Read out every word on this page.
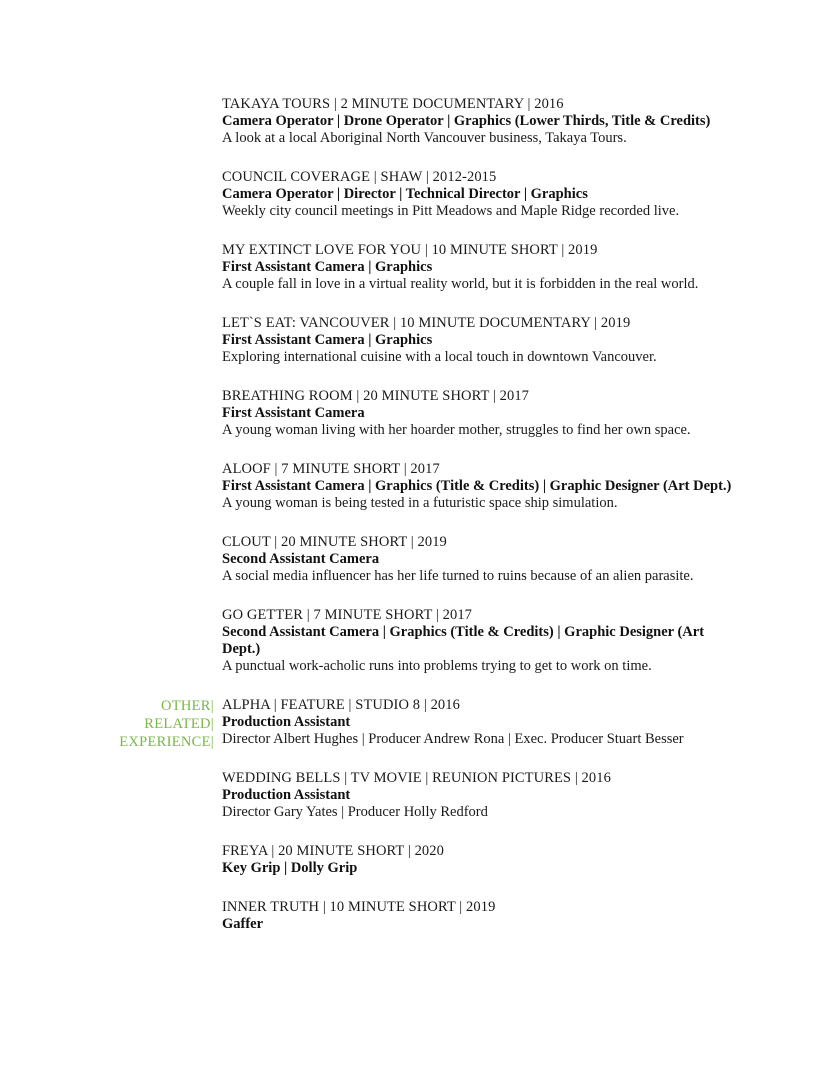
TAKAYA TOURS | 2 MINUTE DOCUMENTARY | 2016
Camera Operator | Drone Operator | Graphics (Lower Thirds, Title & Credits)
A look at a local Aboriginal North Vancouver business, Takaya Tours.
COUNCIL COVERAGE | SHAW | 2012-2015
Camera Operator | Director | Technical Director | Graphics
Weekly city council meetings in Pitt Meadows and Maple Ridge recorded live.
MY EXTINCT LOVE FOR YOU | 10 MINUTE SHORT | 2019
First Assistant Camera | Graphics
A couple fall in love in a virtual reality world, but it is forbidden in the real world.
LET`S EAT: VANCOUVER | 10 MINUTE DOCUMENTARY | 2019
First Assistant Camera | Graphics
Exploring international cuisine with a local touch in downtown Vancouver.
BREATHING ROOM | 20 MINUTE SHORT | 2017
First Assistant Camera
A young woman living with her hoarder mother, struggles to find her own space.
ALOOF | 7 MINUTE SHORT | 2017
First Assistant Camera | Graphics (Title & Credits) | Graphic Designer (Art Dept.)
A young woman is being tested in a futuristic space ship simulation.
CLOUT | 20 MINUTE SHORT | 2019
Second Assistant Camera
A social media influencer has her life turned to ruins because of an alien parasite.
GO GETTER | 7 MINUTE SHORT | 2017
Second Assistant Camera | Graphics (Title & Credits) | Graphic Designer (Art Dept.)
A punctual work-acholic runs into problems trying to get to work on time.
OTHER|
RELATED|
EXPERIENCE|
ALPHA | FEATURE | STUDIO 8 | 2016
Production Assistant
Director Albert Hughes | Producer Andrew Rona | Exec. Producer Stuart Besser
WEDDING BELLS | TV MOVIE | REUNION PICTURES | 2016
Production Assistant
Director Gary Yates | Producer Holly Redford
FREYA | 20 MINUTE SHORT | 2020
Key Grip | Dolly Grip
INNER TRUTH | 10 MINUTE SHORT | 2019
Gaffer
